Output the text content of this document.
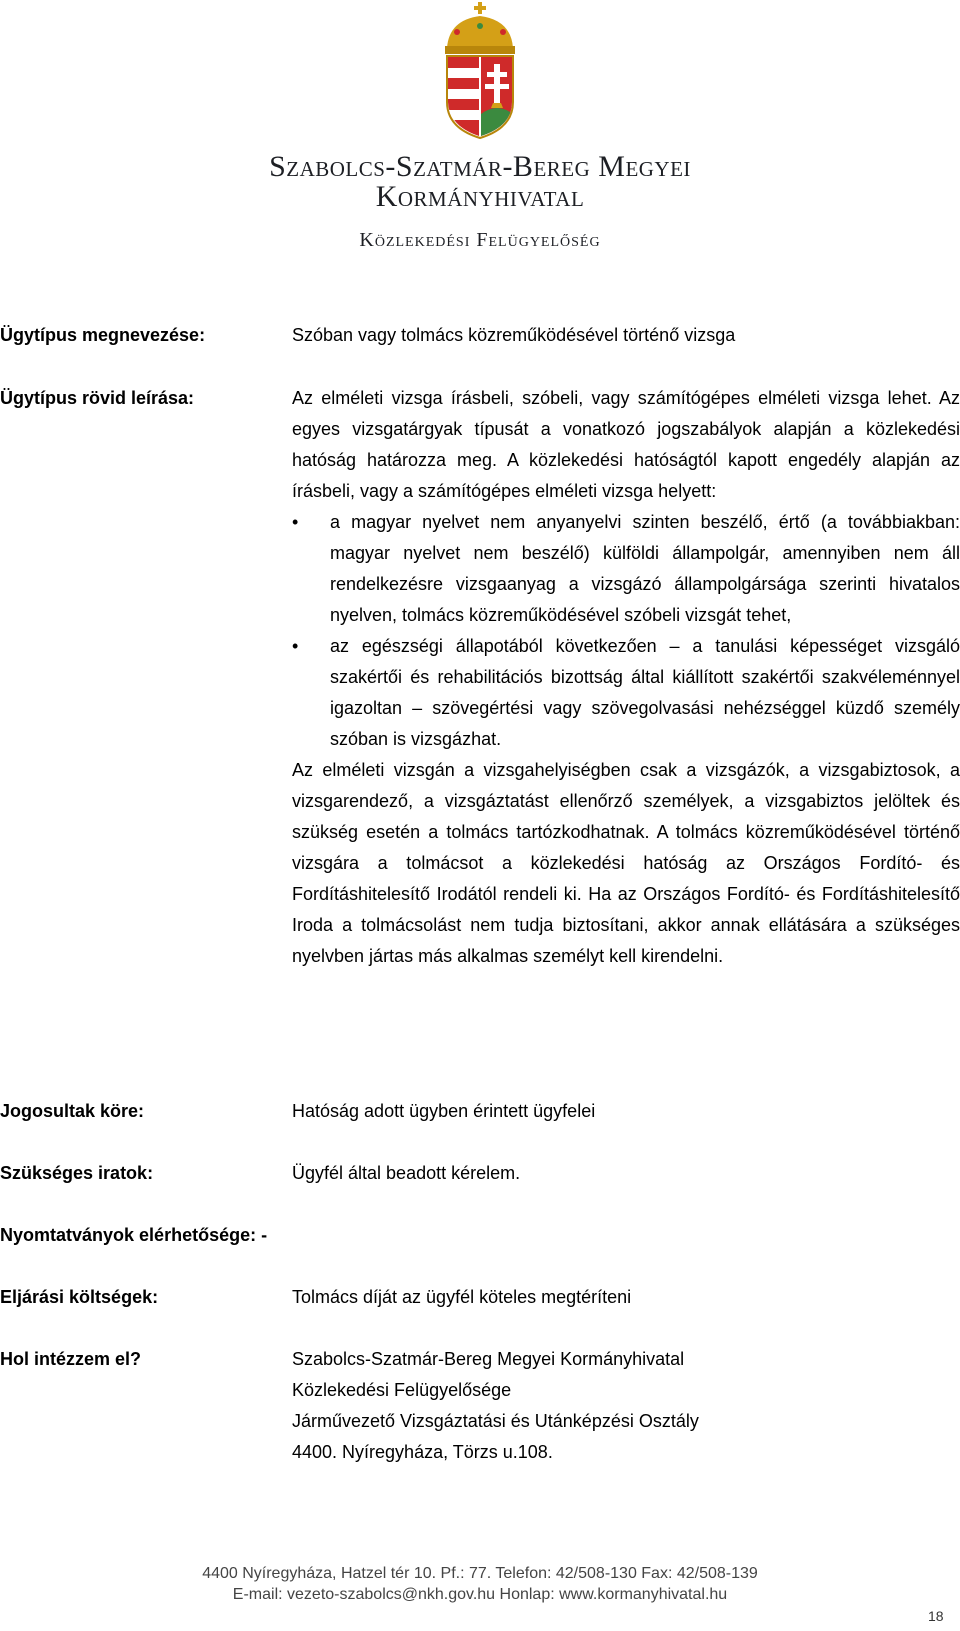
Szabolcs-Szatmár-Bereg Megyei
Kormányhivatal
Közlekedési Felügyelőség
Ügytípus megnevezése:	Szóban vagy tolmács közreműködésével történő vizsga
Ügytípus rövid leírása:	Az elméleti vizsga írásbeli, szóbeli, vagy számítógépes elméleti vizsga lehet. Az egyes vizsgatárgyak típusát a vonatkozó jogszabályok alapján a közlekedési hatóság határozza meg. A közlekedési hatóságtól kapott engedély alapján az írásbeli, vagy a számítógépes elméleti vizsga helyett:
• a magyar nyelvet nem anyanyelvi szinten beszélő, értő (a továbbiakban: magyar nyelvet nem beszélő) külföldi állampolgár, amennyiben nem áll rendelkezésre vizsgaanyag a vizsgázó állampolgársága szerinti hivatalos nyelven, tolmács közreműködésével szóbeli vizsgát tehet,
• az egészségi állapotából következően – a tanulási képességet vizsgáló szakértői és rehabilitációs bizottság által kiállított szakértői szakvéleménnyel igazoltan – szövegértési vagy szövegolvasási nehézséggel küzdő személy szóban is vizsgázhat.
Az elméleti vizsgán a vizsgahelyiségben csak a vizsgázók, a vizsgabiztosok, a vizsgarendező, a vizsgáztatást ellenőrző személyek, a vizsgabiztos jelöltek és szükség esetén a tolmács tartózkodhatnak. A tolmács közreműködésével történő vizsgára a tolmácsot a közlekedési hatóság az Országos Fordító- és Fordításhitelesítő Irodától rendeli ki. Ha az Országos Fordító- és Fordításhitelesítő Iroda a tolmácsolást nem tudja biztosítani, akkor annak ellátására a szükséges nyelvben jártas más alkalmas személyt kell kirendelni.
Jogosultak köre:	Hatóság adott ügyben érintett ügyfelei
Szükséges iratok:	Ügyfél által beadott kérelem.
Nyomtatványok elérhetősége: -
Eljárási költségek:	Tolmács díját az ügyfél köteles megtéríteni
Hol intézzem el?	Szabolcs-Szatmár-Bereg Megyei Kormányhivatal
Közlekedési Felügyelősége
Járművezető Vizsgáztatási és Utánképzési Osztály
4400. Nyíregyháza, Törzs u.108.
4400 Nyíregyháza, Hatzel tér 10. Pf.: 77. Telefon: 42/508-130 Fax: 42/508-139
E-mail: vezeto-szabolcs@nkh.gov.hu Honlap: www.kormanyhivatal.hu
18
